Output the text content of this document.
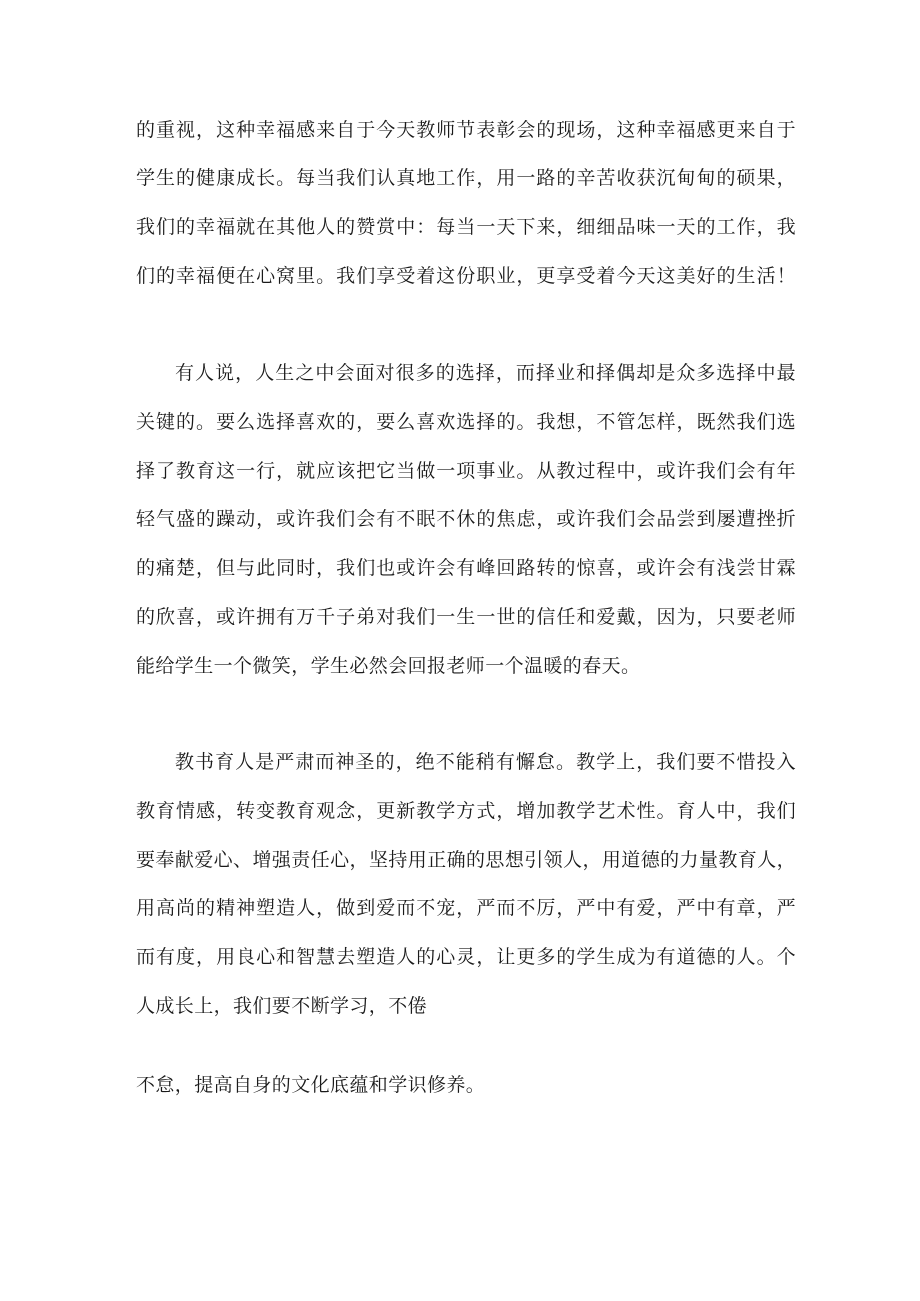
的重视，这种幸福感来自于今天教师节表彰会的现场，这种幸福感更来自于
学生的健康成长。每当我们认真地工作，用一路的辛苦收获沉甸甸的硕果，
我们的幸福就在其他人的赞赏中：每当一天下来，细细品味一天的工作，我
们的幸福便在心窝里。我们享受着这份职业，更享受着今天这美好的生活！
有人说，人生之中会面对很多的选择，而择业和择偶却是众多选择中最
关键的。要么选择喜欢的，要么喜欢选择的。我想，不管怎样，既然我们选
择了教育这一行，就应该把它当做一项事业。从教过程中，或许我们会有年
轻气盛的躁动，或许我们会有不眠不休的焦虑，或许我们会品尝到屡遭挫折
的痛楚，但与此同时，我们也或许会有峰回路转的惊喜，或许会有浅尝甘霖
的欣喜，或许拥有万千子弟对我们一生一世的信任和爱戴，因为，只要老师
能给学生一个微笑，学生必然会回报老师一个温暖的春天。
教书育人是严肃而神圣的，绝不能稍有懈怠。教学上，我们要不惜投入
教育情感，转变教育观念，更新教学方式，增加教学艺术性。育人中，我们
要奉献爱心、增强责任心，坚持用正确的思想引领人，用道德的力量教育人，
用高尚的精神塑造人，做到爱而不宠，严而不厉，严中有爱，严中有章，严
而有度，用良心和智慧去塑造人的心灵，让更多的学生成为有道德的人。个
人成长上，我们要不断学习，不倦
不怠，提高自身的文化底蕴和学识修养。
